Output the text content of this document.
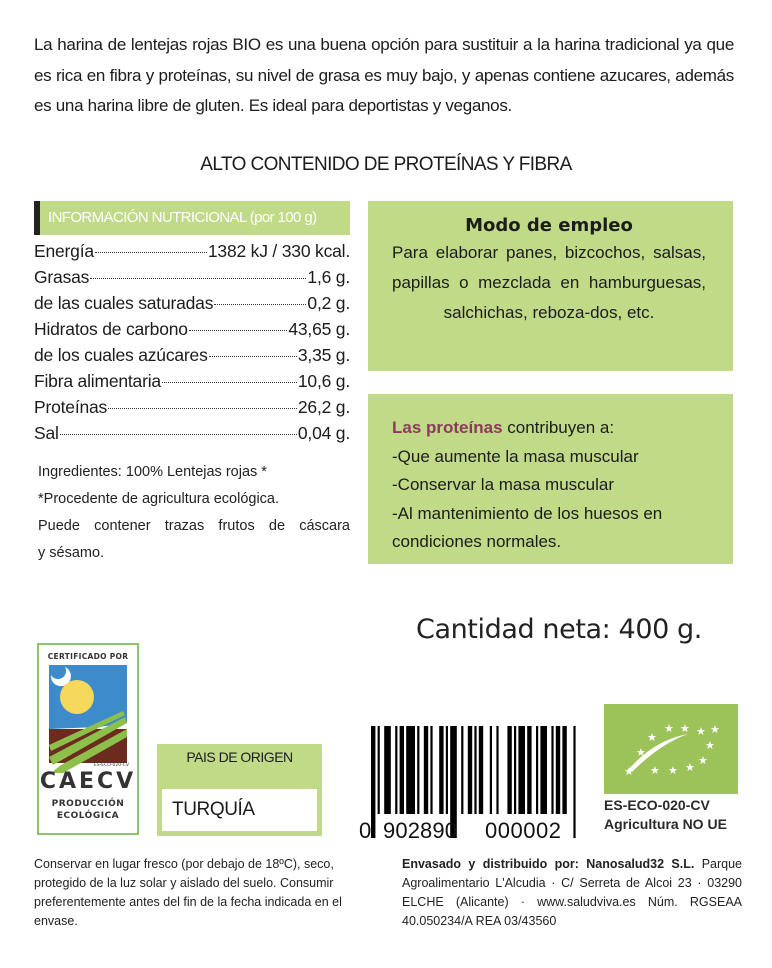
La harina de lentejas rojas BIO es una buena opción para sustituir a la harina tradicional ya que es rica en fibra y proteínas, su nivel de grasa es muy bajo, y apenas contiene azucares, además es una harina libre de gluten. Es ideal para deportistas y veganos.
ALTO CONTENIDO DE PROTEÍNAS Y FIBRA
INFORMACIÓN NUTRICIONAL (por 100 g)
Energía	1382 kJ / 330 kcal.
Grasas	1,6 g.
de las cuales saturadas	0,2 g.
Hidratos de carbono	43,65 g.
de los cuales azúcares	3,35 g.
Fibra alimentaria	10,6 g.
Proteínas	26,2 g.
Sal	0,04 g.
Ingredientes: 100% Lentejas rojas *
*Procedente de agricultura ecológica.
Puede contener trazas frutos de cáscara
y sésamo.
Modo de empleo
Para elaborar panes, bizcochos, salsas, papillas o mezclada en hamburguesas, salchichas, reboza-dos, etc.
Las proteínas contribuyen a:
-Que aumente la masa muscular
-Conservar la masa muscular
-Al mantenimiento de los huesos en condiciones normales.
Cantidad neta: 400 g.
CERTIFICADO POR
ES-ECO-020-CV
CAECV
PRODUCCIÓN
ECOLÓGICA
PAIS DE ORIGEN
TURQUÍA
0 902890 000002
★
★
★
★ ★ ★ ★
★
★
★
★
★
ES-ECO-020-CV
Agricultura NO UE
Conservar en lugar fresco (por debajo de 18ºC), seco, protegido de la luz solar y aislado del suelo. Consumir preferentemente antes del fin de la fecha indicada en el envase.
Envasado y distribuido por: Nanosalud32 S.L. Parque Agroalimentario L'Alcudia · C/ Serreta de Alcoi 23 · 03290 ELCHE (Alicante) · www.saludviva.es Núm. RGSEAA 40.050234/A REA 03/43560
